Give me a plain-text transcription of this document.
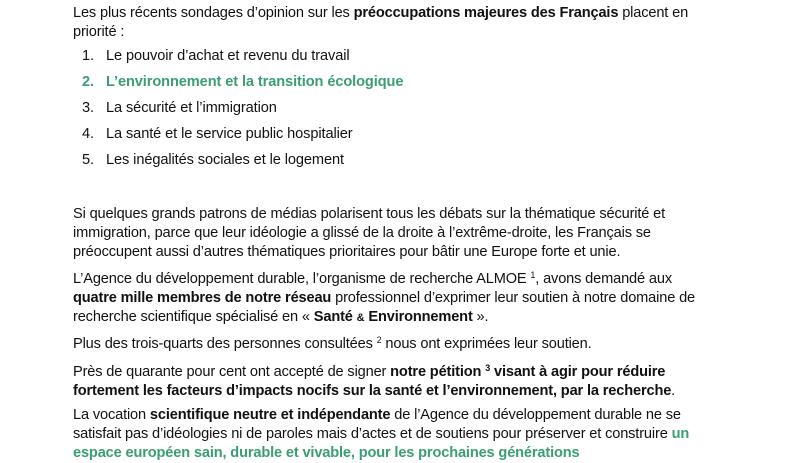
Les plus récents sondages d’opinion sur les préoccupations majeures des Français placent en
priorité :
1. Le pouvoir d’achat et revenu du travail
2. L’environnement et la transition écologique
3. La sécurité et l’immigration
4. La santé et le service public hospitalier
5. Les inégalités sociales et le logement
Si quelques grands patrons de médias polarisent tous les débats sur la thématique sécurité et
immigration, parce que leur idéologie a glissé de la droite à l’extrême-droite, les Français se
préoccupent aussi d’autres thématiques prioritaires pour bâtir une Europe forte et unie.
L’Agence du développement durable, l’organisme de recherche ALMOE $^1$, avons demandé aux
quatre mille membres de notre réseau professionnel d’exprimer leur soutien à notre domaine de
recherche scientifique spécialisé en « Santé & Environnement ».
Plus des trois-quarts des personnes consultées $^2$ nous ont exprimées leur soutien.
Près de quarante pour cent ont accepté de signer notre pétition $^3$ visant à agir pour réduire
fortement les facteurs d’impacts nocifs sur la santé et l’environnement, par la recherche.
La vocation scientifique neutre et indépendante de l’Agence du développement durable ne se
satisfait pas d’idéologies ni de paroles mais d’actes et de soutiens pour préserver et construire un
espace européen sain, durable et vivable, pour les prochaines générations
